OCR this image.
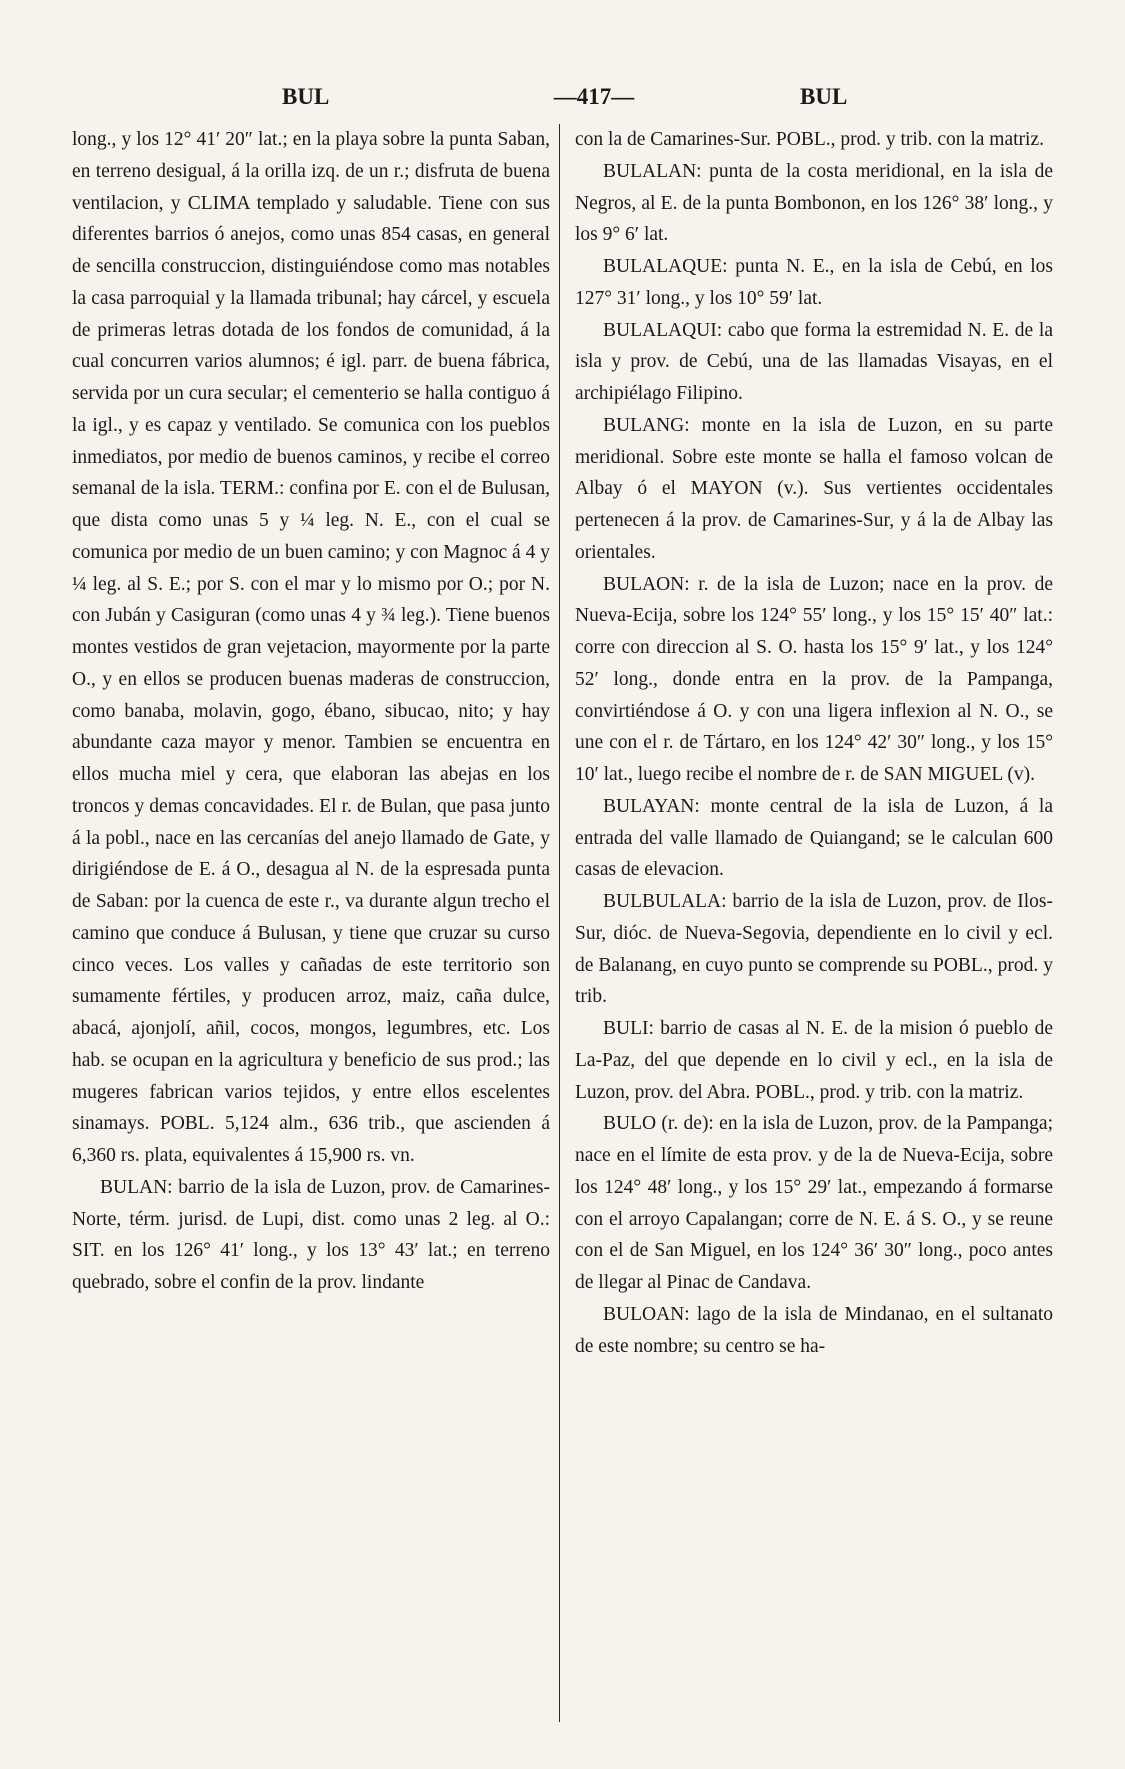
BUL	—417—	BUL

long., y los 12° 41′ 20″ lat.; en la playa sobre la punta Saban, en terreno desigual, á la orilla izq. de un r.; disfruta de buena ventilacion, y CLIMA templado y saludable. Tiene con sus diferentes barrios ó anejos, como unas 854 casas, en general de sencilla construccion, distinguiéndose como mas notables la casa parroquial y la llamada tribunal; hay cárcel, y escuela de primeras letras dotada de los fondos de comunidad, á la cual concurren varios alumnos; é igl. parr. de buena fábrica, servida por un cura secular; el cementerio se halla contiguo á la igl., y es capaz y ventilado. Se comunica con los pueblos inmediatos, por medio de buenos caminos, y recibe el correo semanal de la isla. TERM.: confina por E. con el de Bulusan, que dista como unas 5 y ¼ leg. N. E., con el cual se comunica por medio de un buen camino; y con Magnoc á 4 y ¼ leg. al S. E.; por S. con el mar y lo mismo por O.; por N. con Jubán y Casiguran (como unas 4 y ¾ leg.). Tiene buenos montes vestidos de gran vejetacion, mayormente por la parte O., y en ellos se producen buenas maderas de construccion, como banaba, molavin, gogo, ébano, sibucao, nito; y hay abundante caza mayor y menor. Tambien se encuentra en ellos mucha miel y cera, que elaboran las abejas en los troncos y demas concavidades. El r. de Bulan, que pasa junto á la pobl., nace en las cercanías del anejo llamado de Gate, y dirigiéndose de E. á O., desagua al N. de la espresada punta de Saban: por la cuenca de este r., va durante algun trecho el camino que conduce á Bulusan, y tiene que cruzar su curso cinco veces. Los valles y cañadas de este territorio son sumamente fértiles, y producen arroz, maiz, caña dulce, abacá, ajonjolí, añil, cocos, mongos, legumbres, etc. Los hab. se ocupan en la agricultura y beneficio de sus prod.; las mugeres fabrican varios tejidos, y entre ellos escelentes sinamays. POBL. 5,124 alm., 636 trib., que ascienden á 6,360 rs. plata, equivalentes á 15,900 rs. vn.

BULAN: barrio de la isla de Luzon, prov. de Camarines-Norte, térm. jurisd. de Lupi, dist. como unas 2 leg. al O.: SIT. en los 126° 41′ long., y los 13° 43′ lat.; en terreno quebrado, sobre el confin de la prov. lindante

con la de Camarines-Sur. POBL., prod. y trib. con la matriz.

BULALAN: punta de la costa meridional, en la isla de Negros, al E. de la punta Bombonon, en los 126° 38′ long., y los 9° 6′ lat.

BULALAQUE: punta N. E., en la isla de Cebú, en los 127° 31′ long., y los 10° 59′ lat.

BULALAQUI: cabo que forma la estremidad N. E. de la isla y prov. de Cebú, una de las llamadas Visayas, en el archipiélago Filipino.

BULANG: monte en la isla de Luzon, en su parte meridional. Sobre este monte se halla el famoso volcan de Albay ó el MAYON (v.). Sus vertientes occidentales pertenecen á la prov. de Camarines-Sur, y á la de Albay las orientales.

BULAON: r. de la isla de Luzon; nace en la prov. de Nueva-Ecija, sobre los 124° 55′ long., y los 15° 15′ 40″ lat.: corre con direccion al S. O. hasta los 15° 9′ lat., y los 124° 52′ long., donde entra en la prov. de la Pampanga, convirtiéndose á O. y con una ligera inflexion al N. O., se une con el r. de Tártaro, en los 124° 42′ 30″ long., y los 15° 10′ lat., luego recibe el nombre de r. de SAN MIGUEL (v).

BULAYAN: monte central de la isla de Luzon, á la entrada del valle llamado de Quiangand; se le calculan 600 casas de elevacion.

BULBULALA: barrio de la isla de Luzon, prov. de Ilos-Sur, dióc. de Nueva-Segovia, dependiente en lo civil y ecl. de Balanang, en cuyo punto se comprende su POBL., prod. y trib.

BULI: barrio de casas al N. E. de la mision ó pueblo de La-Paz, del que depende en lo civil y ecl., en la isla de Luzon, prov. del Abra. POBL., prod. y trib. con la matriz.

BULO (r. de): en la isla de Luzon, prov. de la Pampanga; nace en el límite de esta prov. y de la de Nueva-Ecija, sobre los 124° 48′ long., y los 15° 29′ lat., empezando á formarse con el arroyo Capalangan; corre de N. E. á S. O., y se reune con el de San Miguel, en los 124° 36′ 30″ long., poco antes de llegar al Pinac de Candava.

BULOAN: lago de la isla de Mindanao, en el sultanato de este nombre; su centro se ha-
